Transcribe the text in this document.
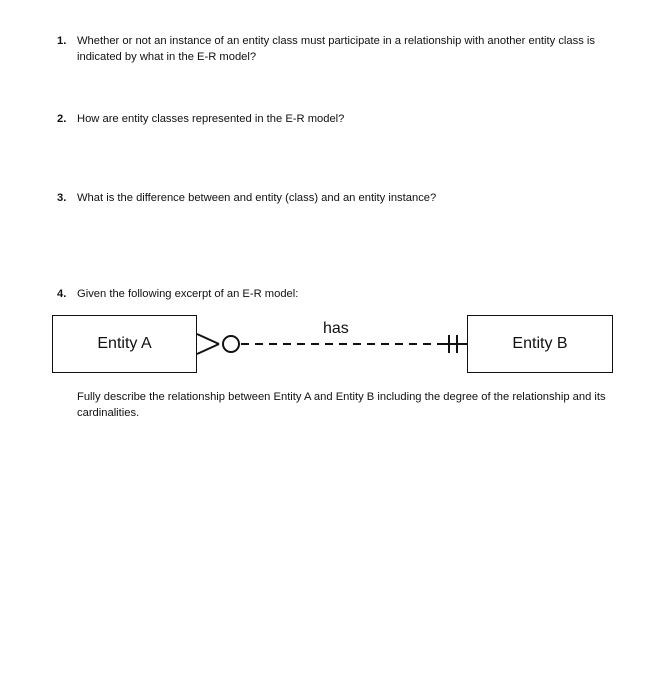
1. Whether or not an instance of an entity class must participate in a relationship with another entity class is indicated by what in the E-R model?
2. How are entity classes represented in the E-R model?
3. What is the difference between and entity (class) and an entity instance?
4. Given the following excerpt of an E-R model:
Entity A
has
Entity B
Fully describe the relationship between Entity A and Entity B including the degree of the relationship and its cardinalities.
